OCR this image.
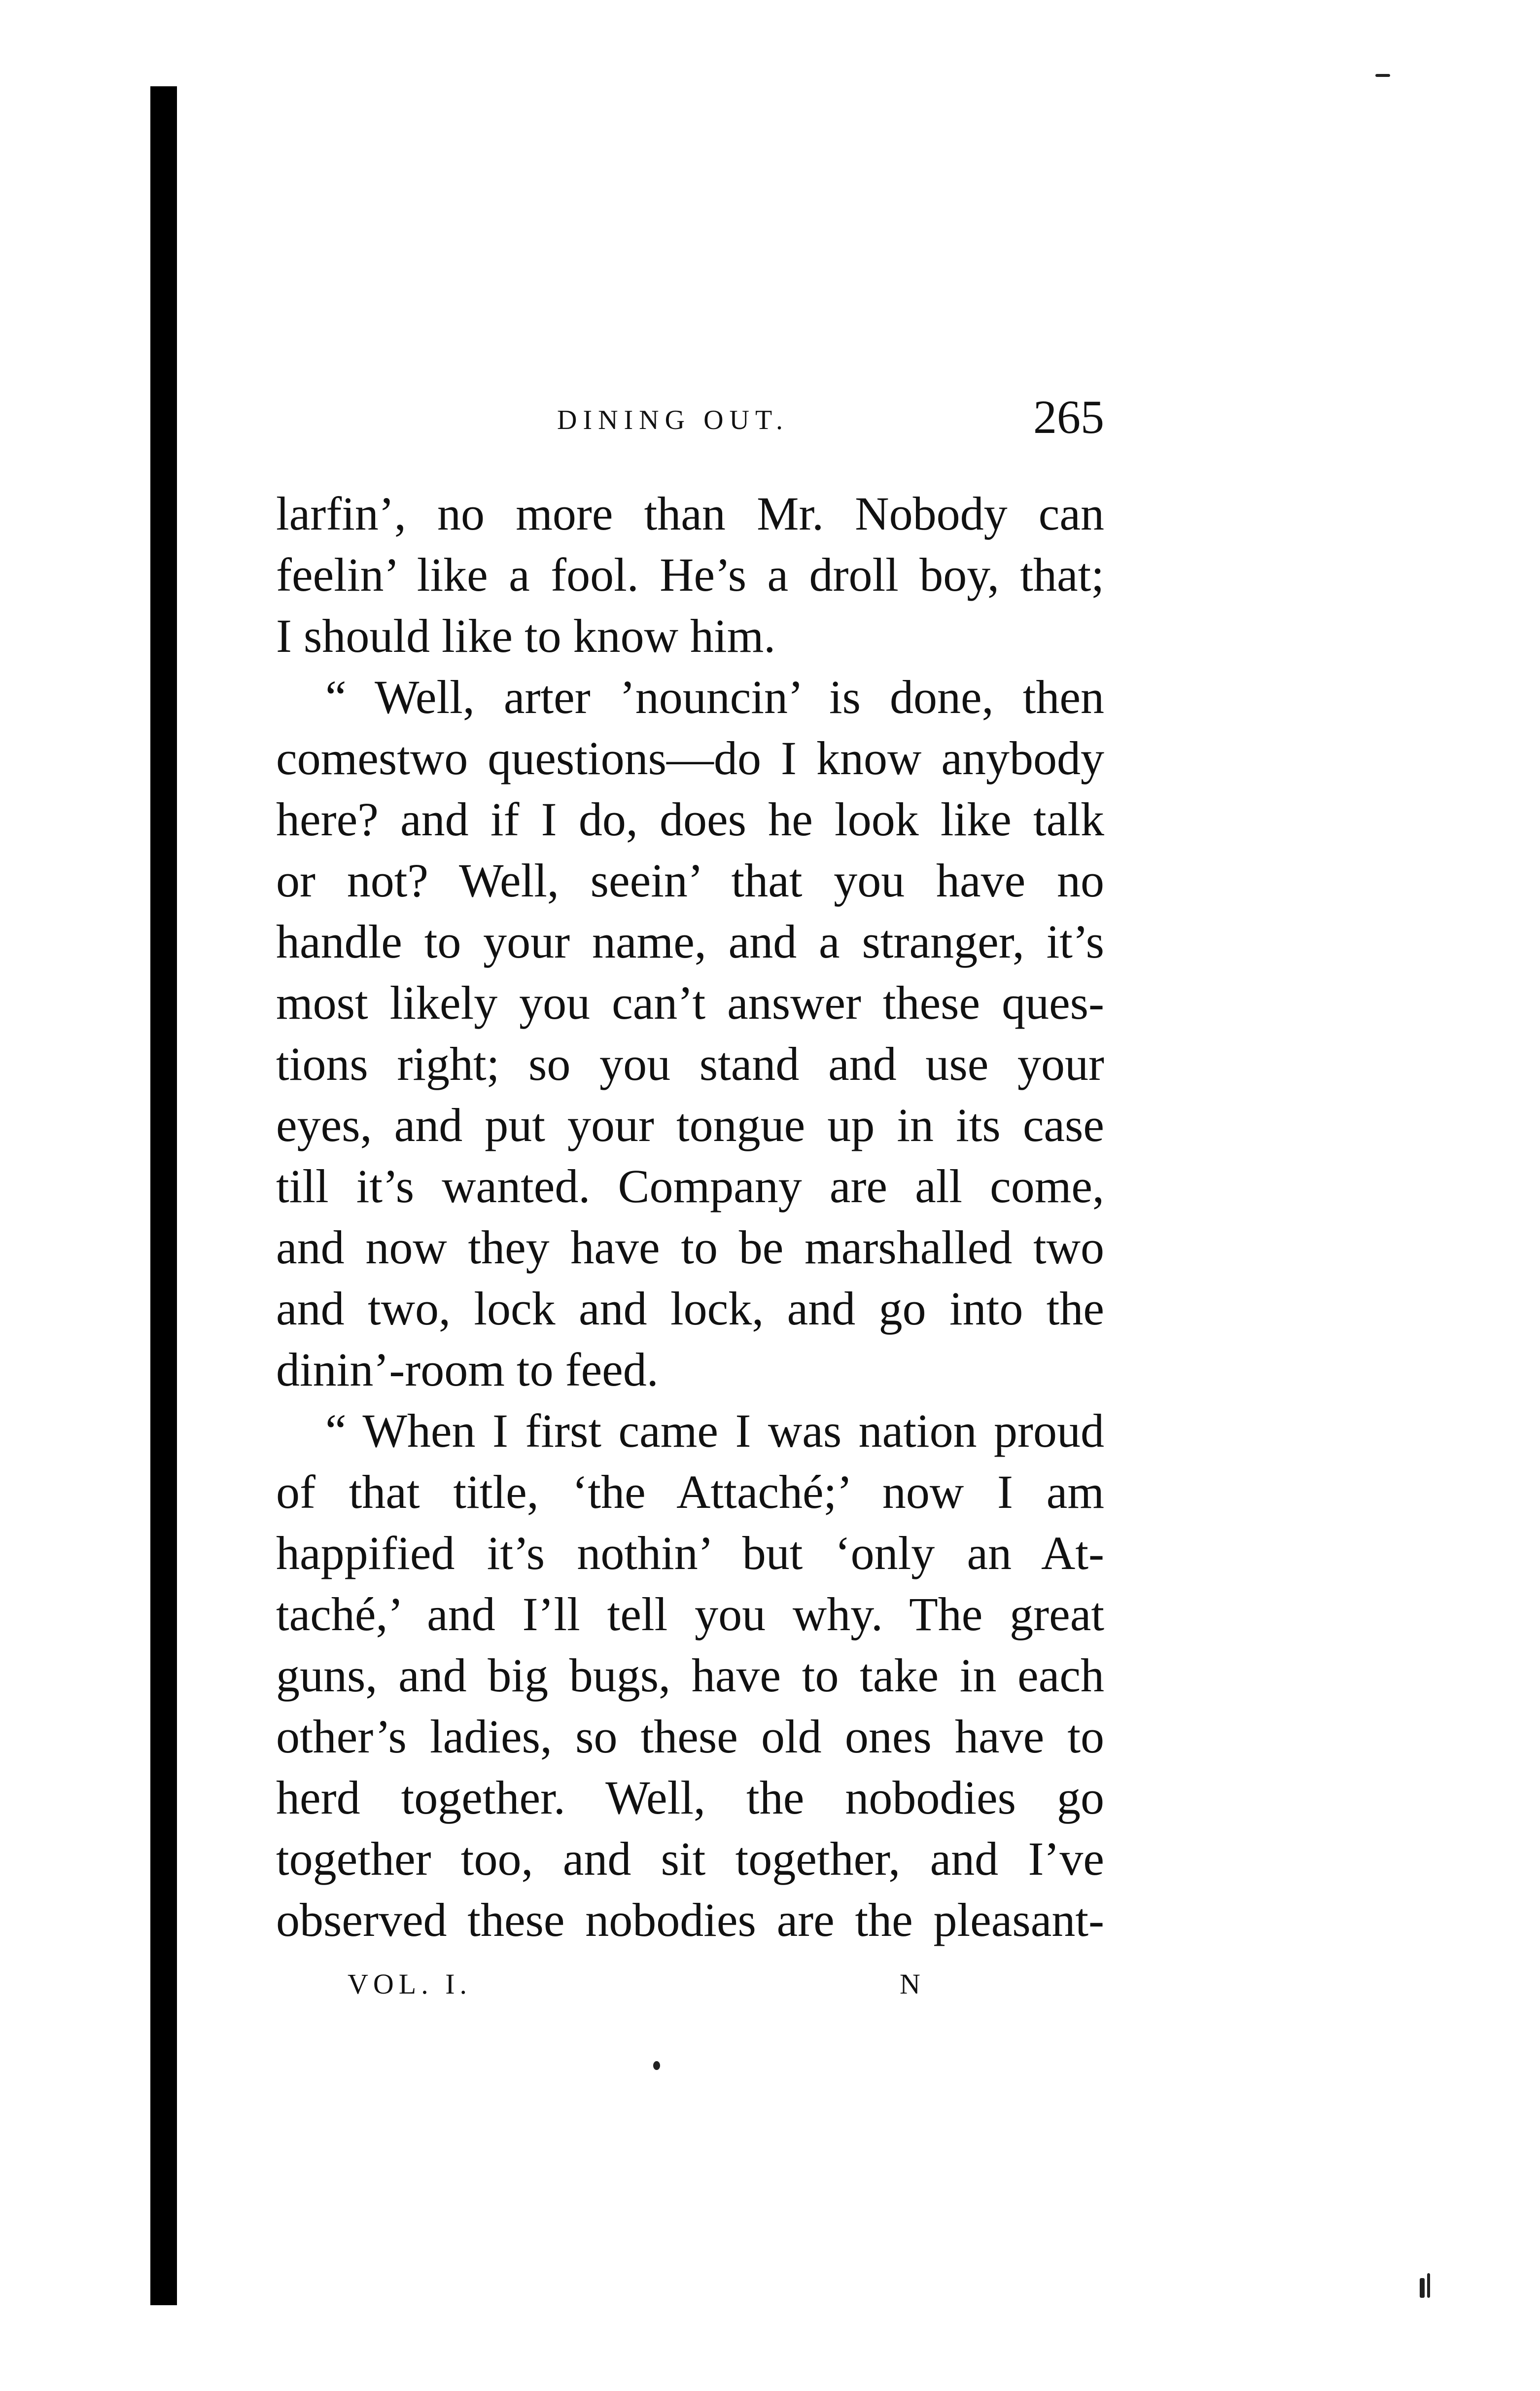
DINING OUT.	265
larfin’, no more than Mr. Nobody can
feelin’ like a fool. He’s a droll boy, that;
I should like to know him.
“ Well, arter ’nouncin’ is done, then
comestwo questions—do I know anybody
here? and if I do, does he look like talk
or not? Well, seein’ that you have no
handle to your name, and a stranger, it’s
most likely you can’t answer these ques-
tions right; so you stand and use your
eyes, and put your tongue up in its case
till it’s wanted. Company are all come,
and now they have to be marshalled two
and two, lock and lock, and go into the
dinin’-room to feed.
“ When I first came I was nation proud
of that title, ‘the Attaché;’ now I am
happified it’s nothin’ but ‘only an At-
taché,’ and I’ll tell you why. The great
guns, and big bugs, have to take in each
other’s ladies, so these old ones have to
herd together. Well, the nobodies go
together too, and sit together, and I’ve
observed these nobodies are the pleasant-
VOL. I.	N
